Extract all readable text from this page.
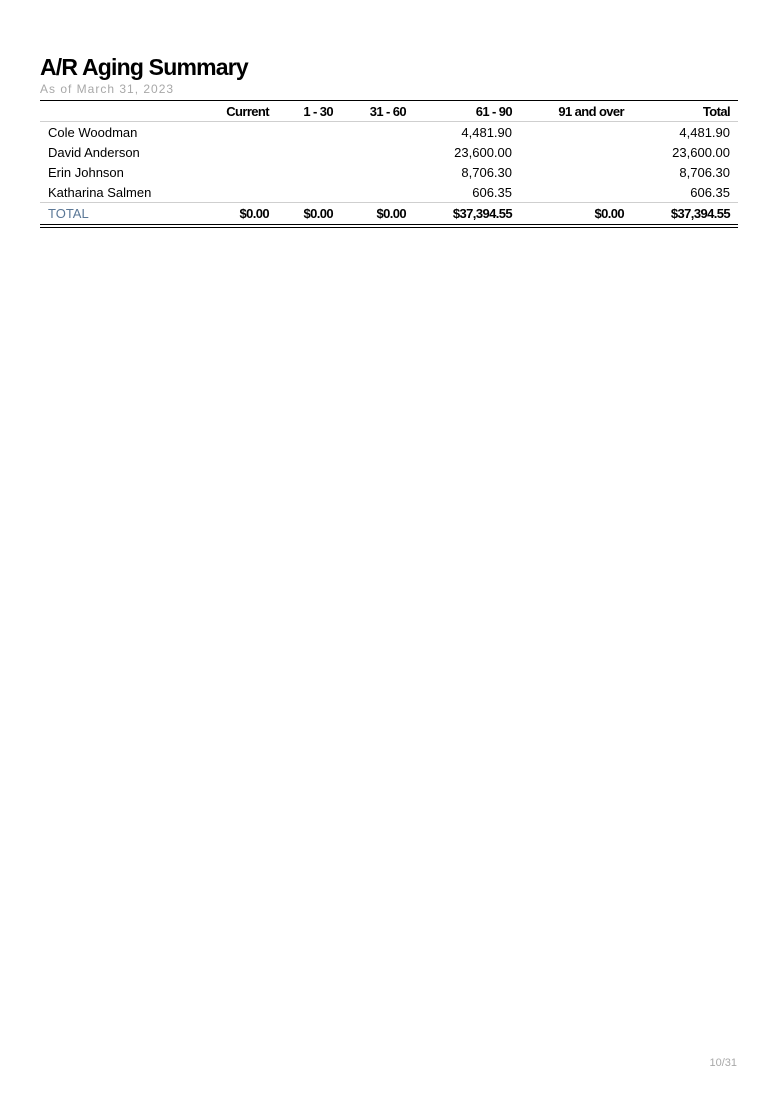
A/R Aging Summary
As of March 31, 2023
	Current	1 - 30	31 - 60	61 - 90	91 and over	Total
Cole Woodman				4,481.90		4,481.90
David Anderson				23,600.00		23,600.00
Erin Johnson				8,706.30		8,706.30
Katharina Salmen				606.35		606.35
TOTAL	$0.00	$0.00	$0.00	$37,394.55	$0.00	$37,394.55
10/31
